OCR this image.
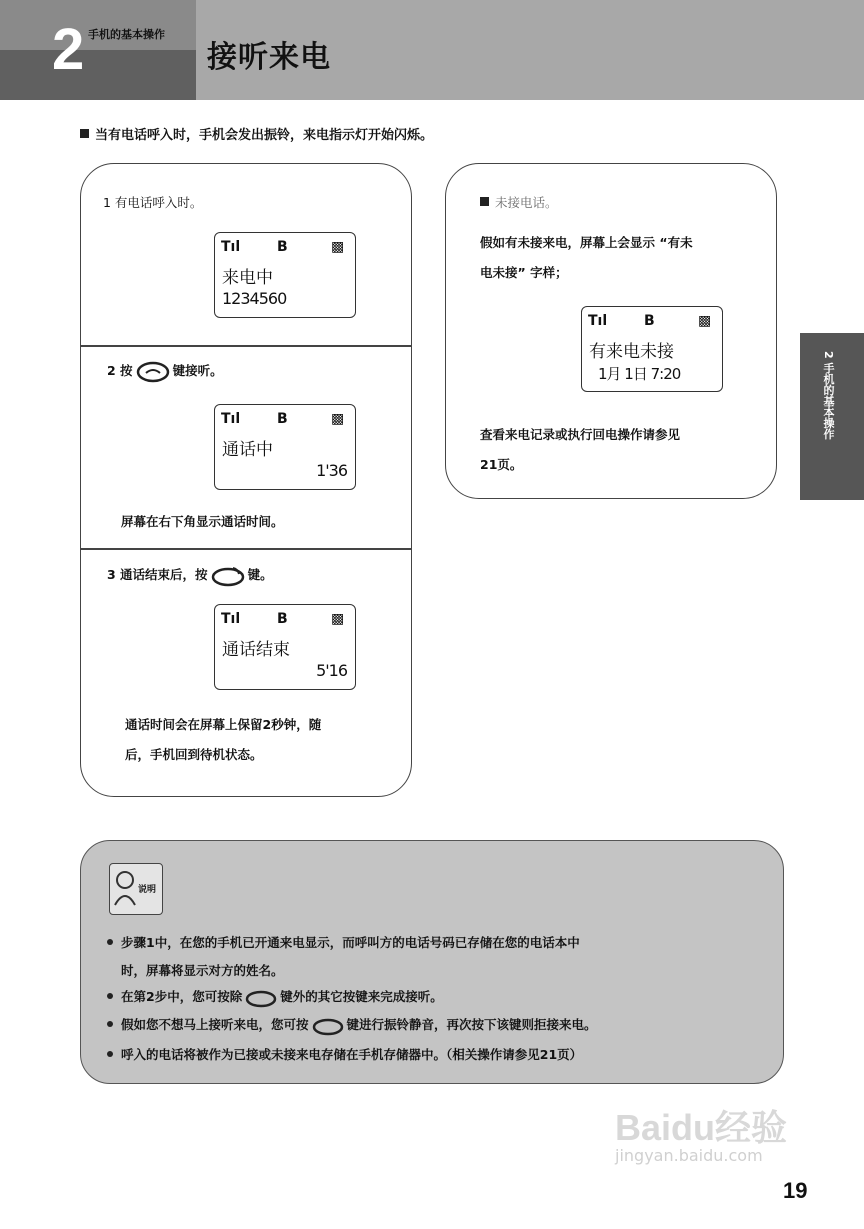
2 手机的基本操作
接听来电
当有电话呼入时，手机会发出振铃，来电指示灯开始闪烁。
1 有电话呼入时。
Tıl	B	▩
来电中
1234560
2 按	键接听。
Tıl	B	▩
通话中
1'36
屏幕在右下角显示通话时间。
3 通话结束后，按	键。
Tıl	B	▩
通话结束
5'16
通话时间会在屏幕上保留2秒钟，随
后，手机回到待机状态。
未接电话。
假如有未接来电，屏幕上会显示 “有未
电未接” 字样；
Tıl	B	▩
有来电未接
1月 1日 7:20
查看来电记录或执行回电操作请参见
21页。
2 手机的基本操作
说明
步骤1中，在您的手机已开通来电显示，而呼叫方的电话号码已存储在您的电话本中
时，屏幕将显示对方的姓名。
在第2步中，您可按除	键外的其它按键来完成接听。
假如您不想马上接听来电，您可按	键进行振铃静音，再次按下该键则拒接来电。
呼入的电话将被作为已接或未接来电存储在手机存储器中。（相关操作请参见21页）
Baidu经验
jingyan.baidu.com
19
